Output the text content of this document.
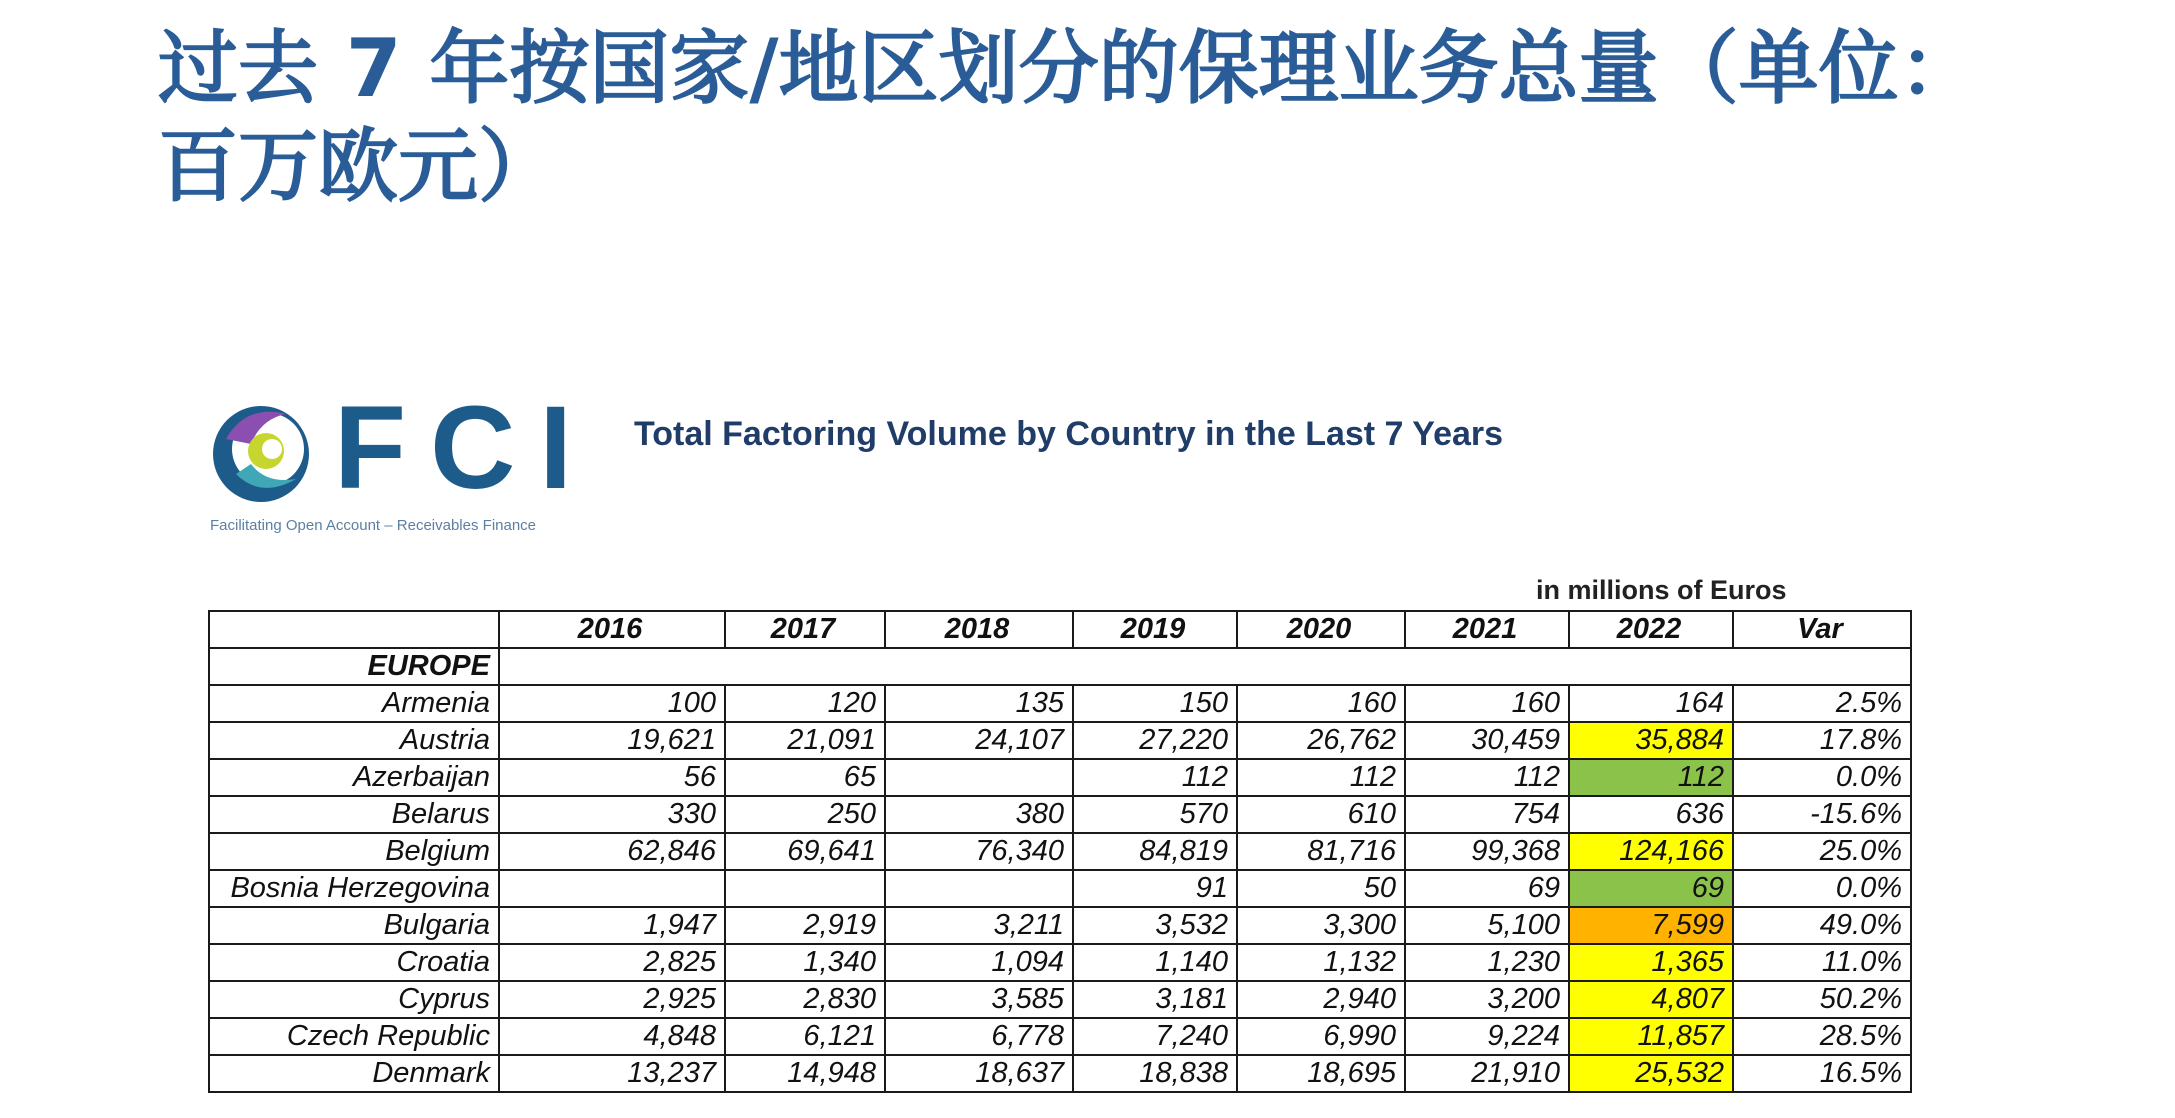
过去 7 年按国家/地区划分的保理业务总量（单位：百万欧元）
FCI
Facilitating Open Account – Receivables Finance
Total Factoring Volume by Country in the Last 7 Years
in millions of Euros
	2016	2017	2018	2019	2020	2021	2022	Var
EUROPE								
Armenia	100	120	135	150	160	160	164	2.5%
Austria	19,621	21,091	24,107	27,220	26,762	30,459	35,884	17.8%
Azerbaijan	56	65		112	112	112	112	0.0%
Belarus	330	250	380	570	610	754	636	-15.6%
Belgium	62,846	69,641	76,340	84,819	81,716	99,368	124,166	25.0%
Bosnia Herzegovina				91	50	69	69	0.0%
Bulgaria	1,947	2,919	3,211	3,532	3,300	5,100	7,599	49.0%
Croatia	2,825	1,340	1,094	1,140	1,132	1,230	1,365	11.0%
Cyprus	2,925	2,830	3,585	3,181	2,940	3,200	4,807	50.2%
Czech Republic	4,848	6,121	6,778	7,240	6,990	9,224	11,857	28.5%
Denmark	13,237	14,948	18,637	18,838	18,695	21,910	25,532	16.5%
